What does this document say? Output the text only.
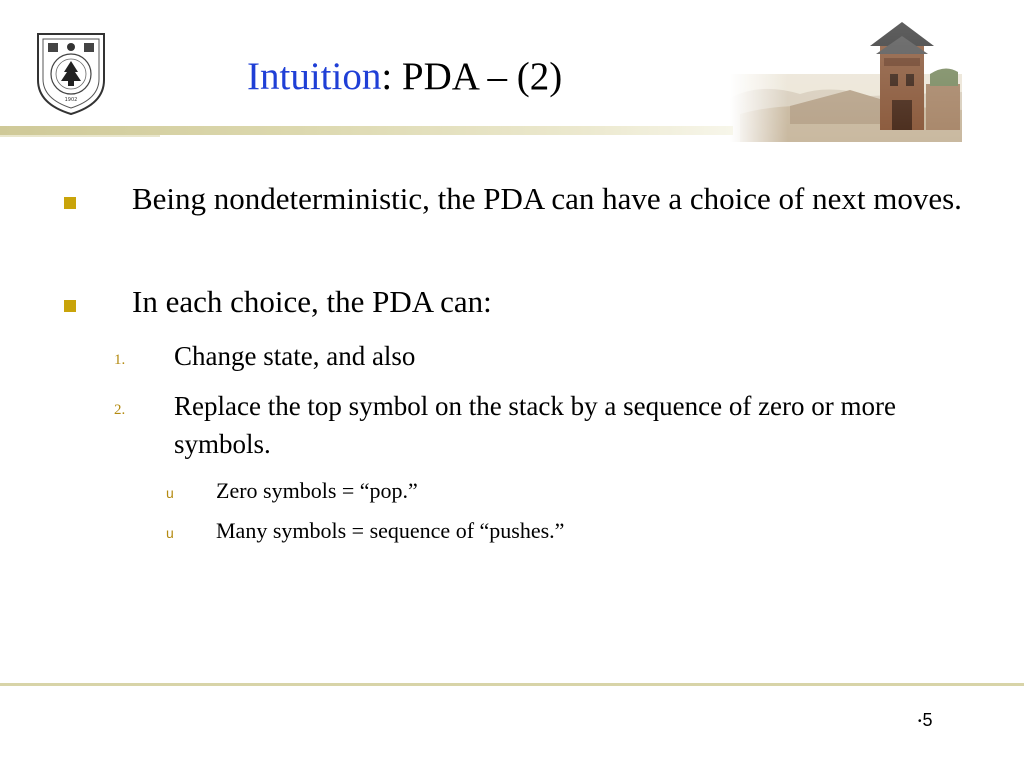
1902
Intuition: PDA – (2)
Being nondeterministic, the PDA can have a choice of next moves.
In each choice, the PDA can:
1. Change state, and also
2. Replace the top symbol on the stack by a sequence of zero or more symbols.
u Zero symbols = “pop.”
u Many symbols = sequence of “pushes.”
•5
